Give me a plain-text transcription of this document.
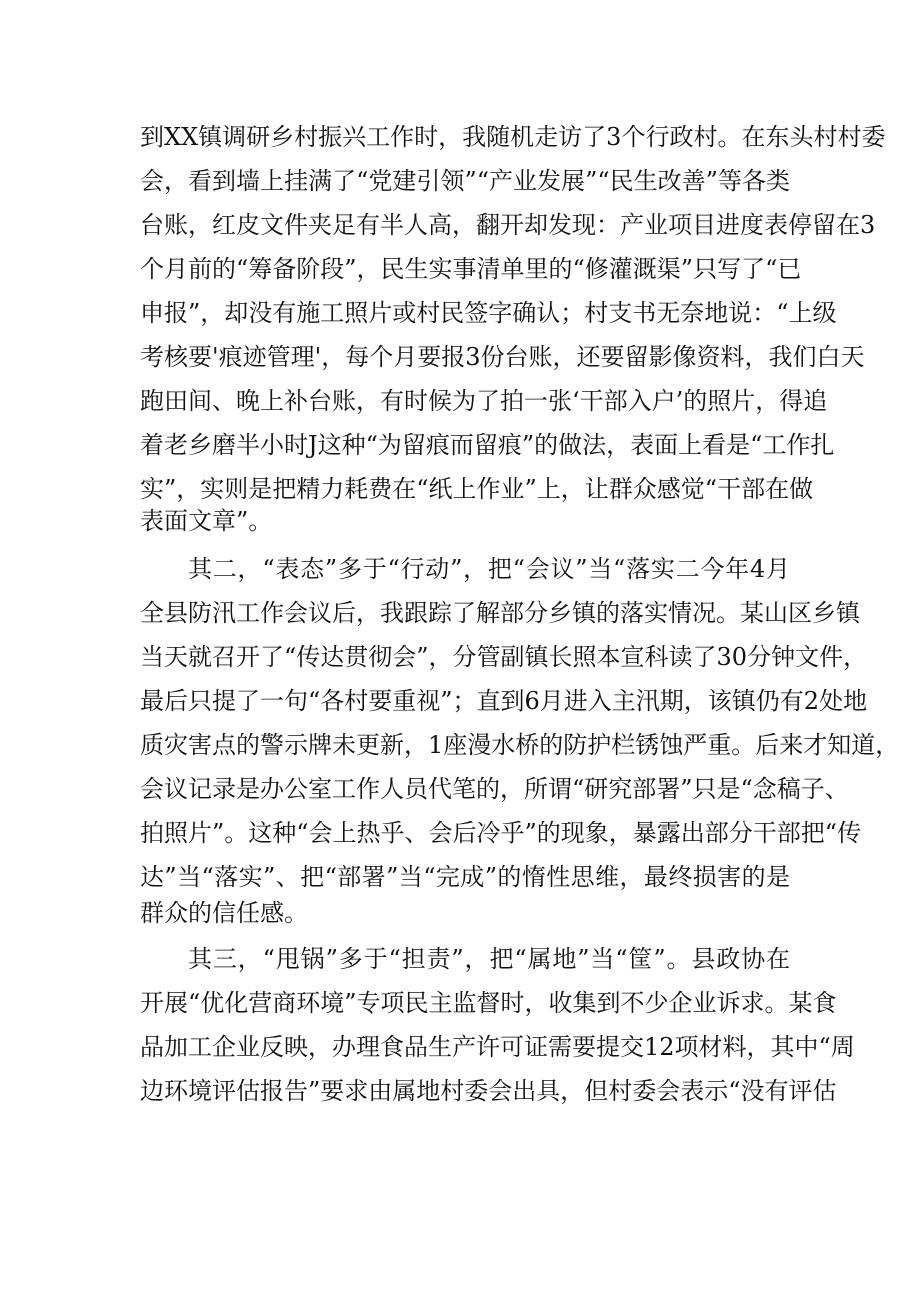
到XX镇调研乡村振兴工作时，我随机走访了3个行政村。在东头村村委
会，看到墙上挂满了“党建引领”“产业发展”“民生改善”等各类
台账，红皮文件夹足有半人高，翻开却发现：产业项目进度表停留在3
个月前的“筹备阶段”，民生实事清单里的“修灌溉渠”只写了“已
申报”，却没有施工照片或村民签字确认；村支书无奈地说：“上级
考核要'痕迹管理'，每个月要报3份台账，还要留影像资料，我们白天
跑田间、晚上补台账，有时候为了拍一张‘干部入户’的照片，得追
着老乡磨半小时J这种“为留痕而留痕”的做法，表面上看是“工作扎
实”，实则是把精力耗费在“纸上作业”上，让群众感觉“干部在做
表面文章”。
其二，“表态”多于“行动”，把“会议”当“落实二今年4月
全县防汛工作会议后，我跟踪了解部分乡镇的落实情况。某山区乡镇
当天就召开了“传达贯彻会”，分管副镇长照本宣科读了30分钟文件，
最后只提了一句“各村要重视”；直到6月进入主汛期，该镇仍有2处地
质灾害点的警示牌未更新，1座漫水桥的防护栏锈蚀严重。后来才知道，
会议记录是办公室工作人员代笔的，所谓“研究部署”只是“念稿子、
拍照片”。这种“会上热乎、会后冷乎”的现象，暴露出部分干部把“传
达”当“落实”、把“部署”当“完成”的惰性思维，最终损害的是
群众的信任感。
其三，“甩锅”多于“担责”，把“属地”当“筐”。县政协在
开展“优化营商环境”专项民主监督时，收集到不少企业诉求。某食
品加工企业反映，办理食品生产许可证需要提交12项材料，其中“周
边环境评估报告”要求由属地村委会出具，但村委会表示“没有评估
